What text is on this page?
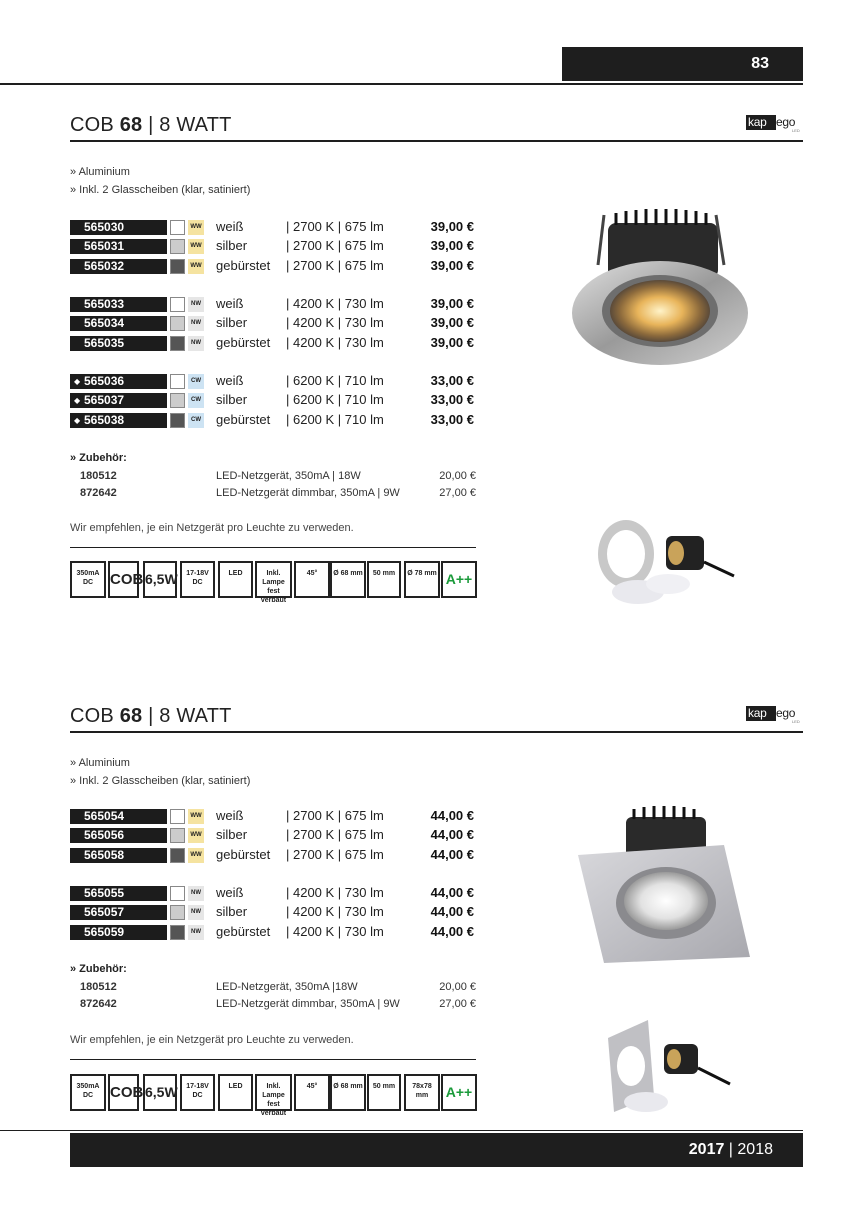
83
COB 68 | 8 WATT	kap ego
LED
» Aluminium
» Inkl. 2 Glasscheiben (klar, satiniert)
565030	WW weiß	| 2700 K | 675 lm	39,00 €
565031	WW silber	| 2700 K | 675 lm	39,00 €
565032	WW gebürstet | 2700 K | 675 lm	39,00 €
565033	NW weiß	| 4200 K | 730 lm	39,00 €
565034	NW silber	| 4200 K | 730 lm	39,00 €
565035	NW gebürstet | 4200 K | 730 lm	39,00 €
◆ 565036	CW weiß	| 6200 K | 710 lm	33,00 €
◆ 565037	CW silber	| 6200 K | 710 lm	33,00 €
◆ 565038	CW gebürstet | 6200 K | 710 lm	33,00 €
» Zubehör:
180512	LED-Netzgerät, 350mA | 18W	20,00 €
872642	LED-Netzgerät dimmbar, 350mA | 9W	27,00 €
Wir empfehlen, je ein Netzgerät pro Leuchte zu verweden.
350mA DC	COB 6,5W	17-18V DC
LED	Inkl. Lampe fest verbaut
45°	Ø 68 mm	50 mm	Ø 78 mm A++
COB 68 | 8 WATT	kap ego
LED
» Aluminium
» Inkl. 2 Glasscheiben (klar, satiniert)
565054	WW weiß	| 2700 K | 675 lm	44,00 €
565056	WW silber	| 2700 K | 675 lm	44,00 €
565058	WW gebürstet | 2700 K | 675 lm	44,00 €
565055	NW weiß	| 4200 K | 730 lm	44,00 €
565057	NW silber	| 4200 K | 730 lm	44,00 €
565059	NW gebürstet | 4200 K | 730 lm	44,00 €
» Zubehör:
180512	LED-Netzgerät, 350mA |18W	20,00 €
872642	LED-Netzgerät dimmbar, 350mA | 9W	27,00 €
Wir empfehlen, je ein Netzgerät pro Leuchte zu verweden.
350mA DC	COB 6,5W	17-18V DC
LED	Inkl. Lampe fest verbaut
45°	Ø 68 mm	50 mm	78x78 mm	A++
2017 | 2018
